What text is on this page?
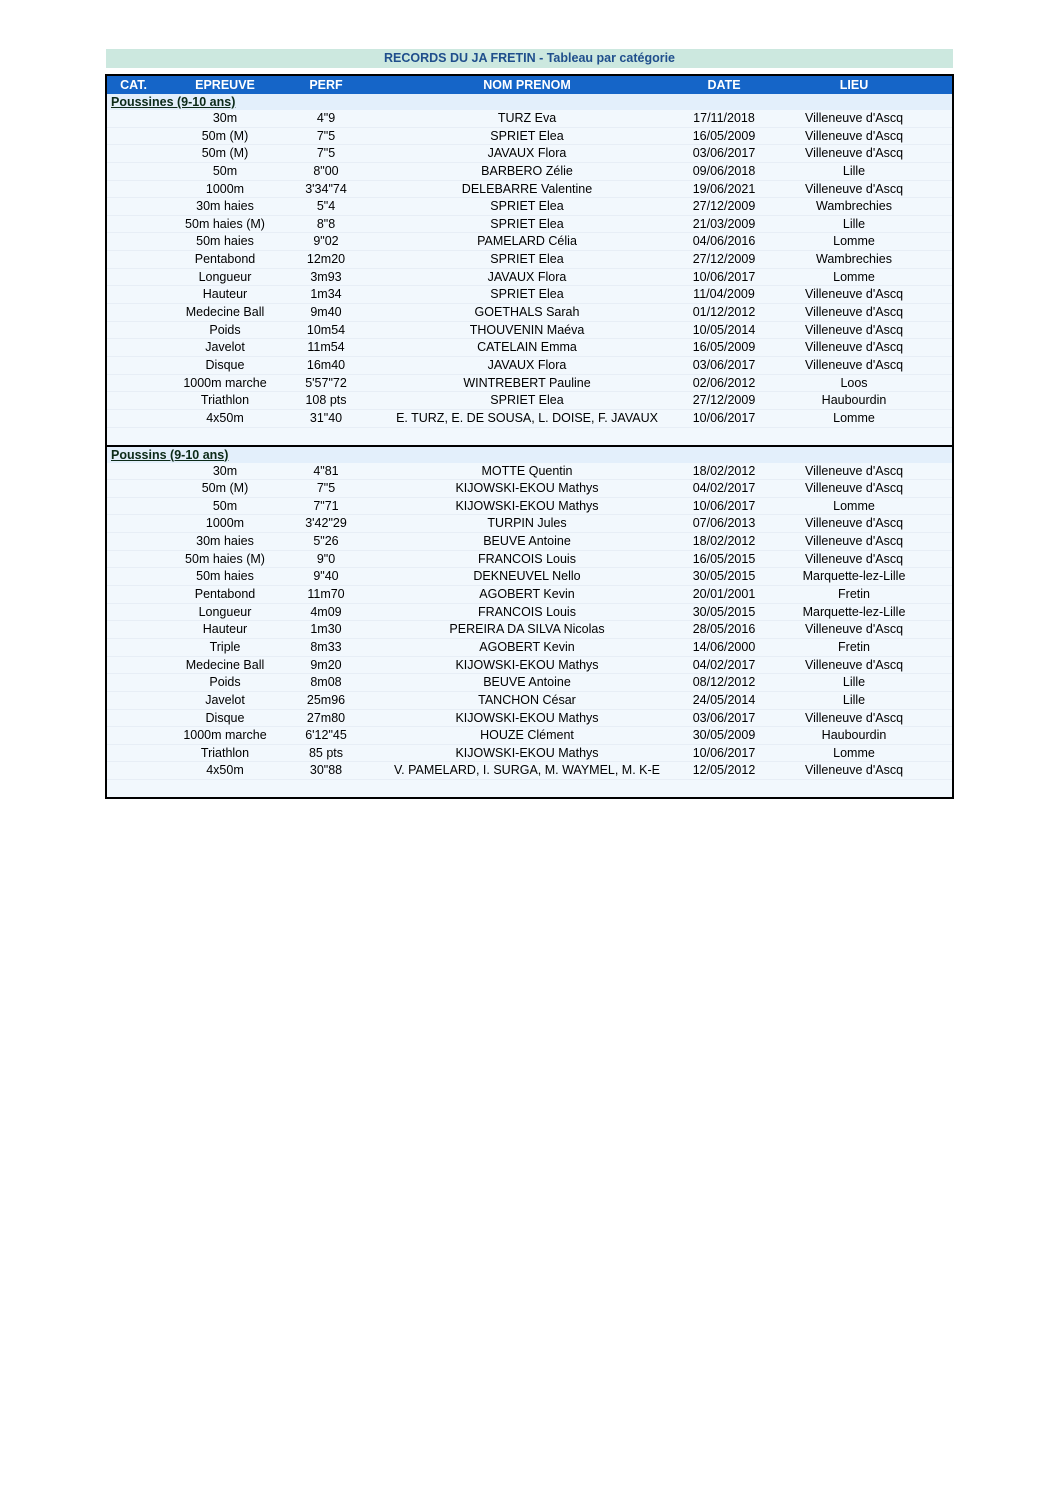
RECORDS DU JA FRETIN - Tableau par catégorie
CAT.	EPREUVE	PERF	NOM PRENOM	DATE	LIEU
Poussines (9-10 ans)
30m	4"9	TURZ Eva	17/11/2018	Villeneuve d'Ascq
50m (M)	7"5	SPRIET Elea	16/05/2009	Villeneuve d'Ascq
50m (M)	7"5	JAVAUX Flora	03/06/2017	Villeneuve d'Ascq
50m	8"00	BARBERO Zélie	09/06/2018	Lille
1000m	3'34"74	DELEBARRE Valentine	19/06/2021	Villeneuve d'Ascq
30m haies	5"4	SPRIET Elea	27/12/2009	Wambrechies
50m haies (M)	8"8	SPRIET Elea	21/03/2009	Lille
50m haies	9"02	PAMELARD Célia	04/06/2016	Lomme
Pentabond	12m20	SPRIET Elea	27/12/2009	Wambrechies
Longueur	3m93	JAVAUX Flora	10/06/2017	Lomme
Hauteur	1m34	SPRIET Elea	11/04/2009	Villeneuve d'Ascq
Medecine Ball	9m40	GOETHALS Sarah	01/12/2012	Villeneuve d'Ascq
Poids	10m54	THOUVENIN Maéva	10/05/2014	Villeneuve d'Ascq
Javelot	11m54	CATELAIN Emma	16/05/2009	Villeneuve d'Ascq
Disque	16m40	JAVAUX Flora	03/06/2017	Villeneuve d'Ascq
1000m marche	5'57"72	WINTREBERT Pauline	02/06/2012	Loos
Triathlon	108 pts	SPRIET Elea	27/12/2009	Haubourdin
4x50m	31"40	E. TURZ, E. DE SOUSA, L. DOISE, F. JAVAUX	10/06/2017	Lomme
Poussins (9-10 ans)
30m	4"81	MOTTE Quentin	18/02/2012	Villeneuve d'Ascq
50m (M)	7"5	KIJOWSKI-EKOU Mathys	04/02/2017	Villeneuve d'Ascq
50m	7"71	KIJOWSKI-EKOU Mathys	10/06/2017	Lomme
1000m	3'42"29	TURPIN Jules	07/06/2013	Villeneuve d'Ascq
30m haies	5"26	BEUVE Antoine	18/02/2012	Villeneuve d'Ascq
50m haies (M)	9"0	FRANCOIS Louis	16/05/2015	Villeneuve d'Ascq
50m haies	9"40	DEKNEUVEL Nello	30/05/2015	Marquette-lez-Lille
Pentabond	11m70	AGOBERT Kevin	20/01/2001	Fretin
Longueur	4m09	FRANCOIS Louis	30/05/2015	Marquette-lez-Lille
Hauteur	1m30	PEREIRA DA SILVA Nicolas	28/05/2016	Villeneuve d'Ascq
Triple	8m33	AGOBERT Kevin	14/06/2000	Fretin
Medecine Ball	9m20	KIJOWSKI-EKOU Mathys	04/02/2017	Villeneuve d'Ascq
Poids	8m08	BEUVE Antoine	08/12/2012	Lille
Javelot	25m96	TANCHON César	24/05/2014	Lille
Disque	27m80	KIJOWSKI-EKOU Mathys	03/06/2017	Villeneuve d'Ascq
1000m marche	6'12"45	HOUZE Clément	30/05/2009	Haubourdin
Triathlon	85 pts	KIJOWSKI-EKOU Mathys	10/06/2017	Lomme
4x50m	30"88	V. PAMELARD, I. SURGA, M. WAYMEL, M. K-E	12/05/2012	Villeneuve d'Ascq
